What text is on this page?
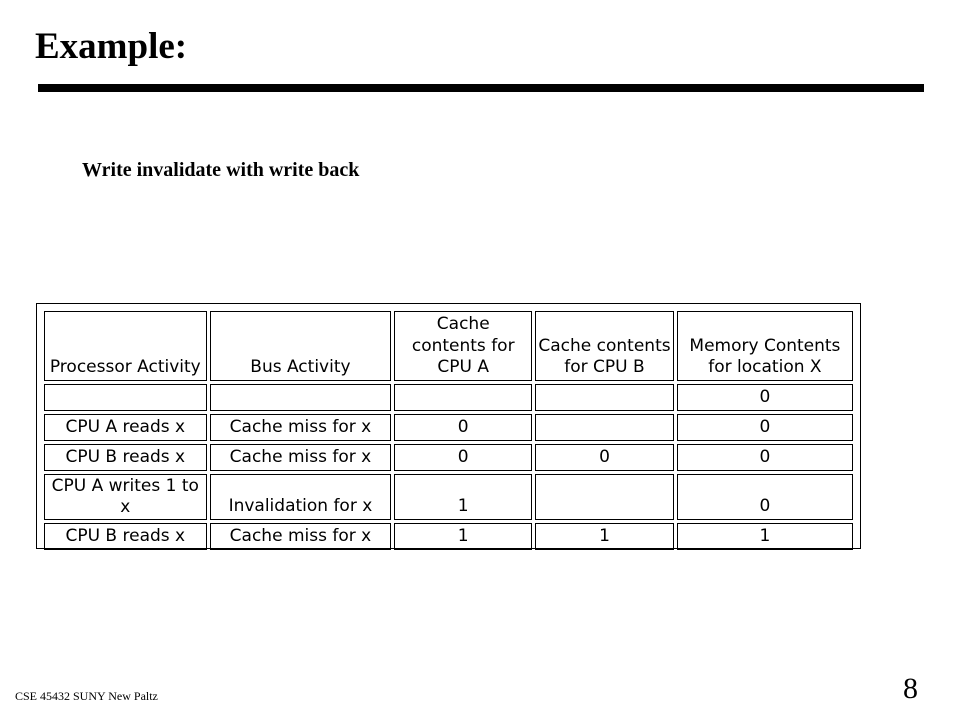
Example:
Write invalidate with write back
Processor Activity	Bus Activity	Cache contents for CPU A	Cache contents for CPU B	Memory Contents for location X
				0
CPU A reads x	Cache miss for x	0		0
CPU B reads x	Cache miss for x	0	0	0
CPU A writes 1 to x	Invalidation for x	1		0
CPU B reads x	Cache miss for x	1	1	1
CSE 45432 SUNY New Paltz	8
